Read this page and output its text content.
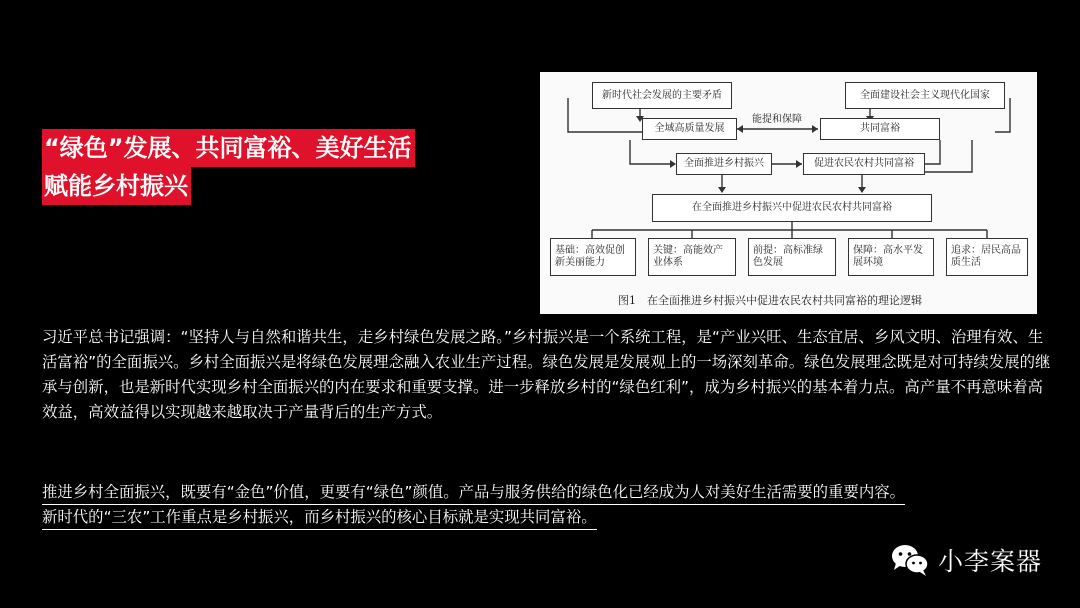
“绿色”发展、共同富裕、美好生活
赋能乡村振兴
新时代社会发展的主要矛盾	全面建设社会主义现代化国家
全域高质量发展
能提和保障
共同富裕
全面推进乡村振兴	促进农民农村共同富裕
在全面推进乡村振兴中促进农民农村共同富裕
基础：高效促创新美丽能力
关键：高能效产业体系
前提：高标准绿色发展
保障：高水平发展环境
追求：居民高品质生活
图1　在全面推进乡村振兴中促进农民农村共同富裕的理论逻辑
习近平总书记强调：“坚持人与自然和谐共生，走乡村绿色发展之路。”乡村振兴是一个系统工程，是“产业兴旺、生态宜居、乡风文明、治理有效、生活富裕”的全面振兴。乡村全面振兴是将绿色发展理念融入农业生产过程。绿色发展是发展观上的一场深刻革命。绿色发展理念既是对可持续发展的继承与创新，也是新时代实现乡村全面振兴的内在要求和重要支撑。进一步释放乡村的“绿色红利”，成为乡村振兴的基本着力点。高产量不再意味着高效益，高效益得以实现越来越取决于产量背后的生产方式。
推进乡村全面振兴，既要有“金色”价值，更要有“绿色”颜值。产品与服务供给的绿色化已经成为人对美好生活需要的重要内容。
新时代的“三农”工作重点是乡村振兴，而乡村振兴的核心目标就是实现共同富裕。
小李案器
